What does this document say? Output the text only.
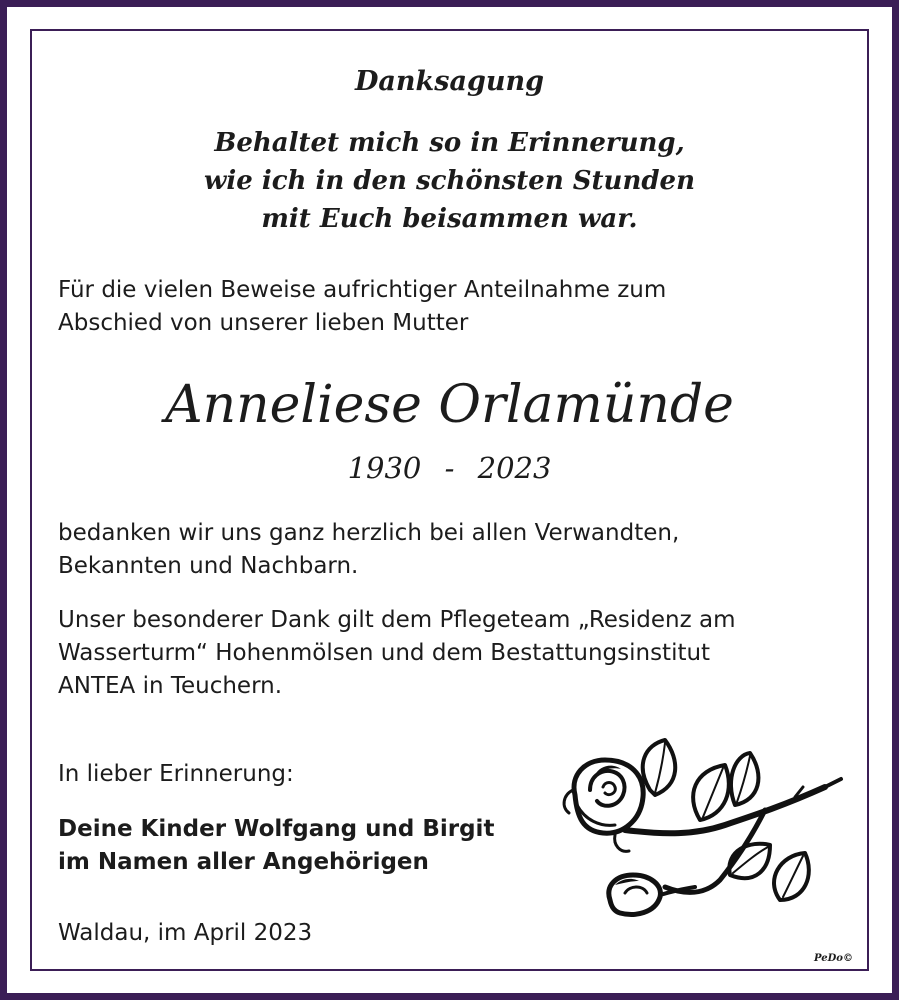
Danksagung
Behaltet mich so in Erinnerung,
wie ich in den schönsten Stunden
mit Euch beisammen war.
Für die vielen Beweise aufrichtiger Anteilnahme zum
Abschied von unserer lieben Mutter
Anneliese Orlamünde
1930 - 2023
bedanken wir uns ganz herzlich bei allen Verwandten,
Bekannten und Nachbarn.
Unser besonderer Dank gilt dem Pflegeteam „Residenz am
Wasserturm“ Hohenmölsen und dem Bestattungsinstitut
ANTEA in Teuchern.
In lieber Erinnerung:
Deine Kinder Wolfgang und Birgit
im Namen aller Angehörigen
Waldau, im April 2023
PeDo©
